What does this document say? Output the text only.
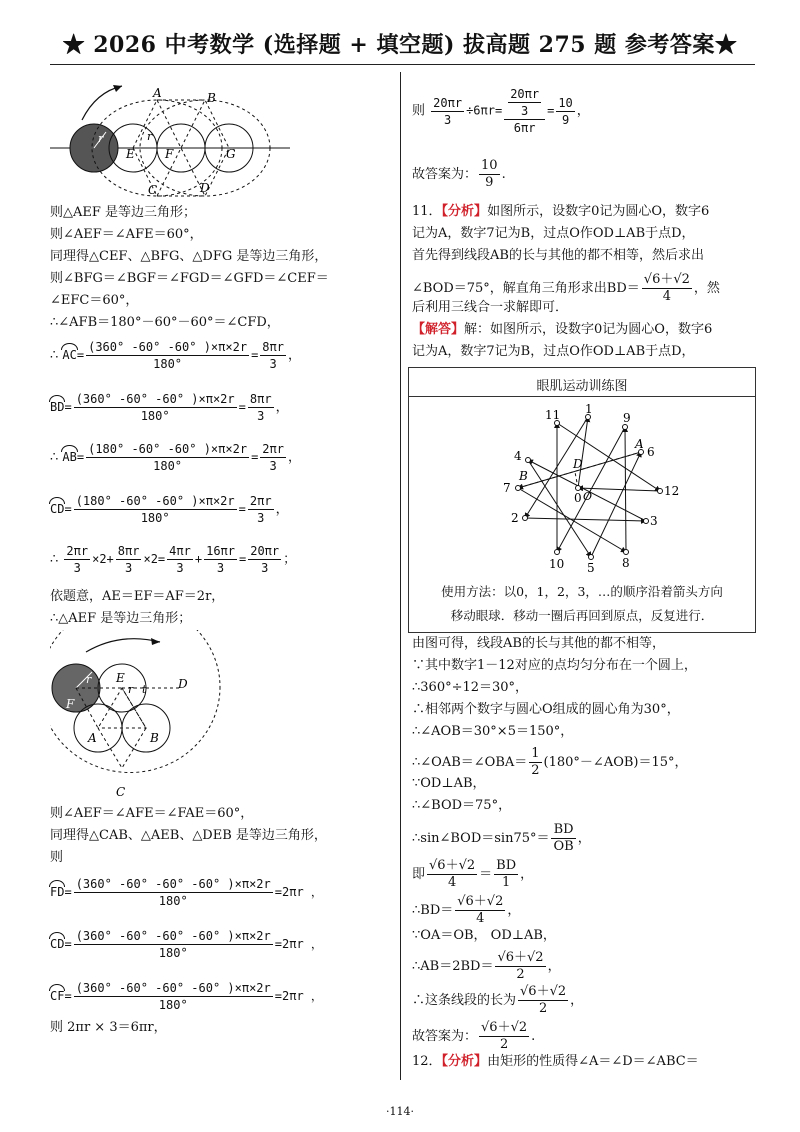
★ 2026 中考数学 (选择题 + 填空题) 拔高题 275 题 参考答案★
r
A	B
r
E	F	G
C	D
则△AEF 是等边三角形；
则∠AEF＝∠AFE＝60°，
同理得△CEF、△BFG、△DFG 是等边三角形，
则∠BFG＝∠BGF＝∠FGD＝∠GFD＝∠CEF＝
∠EFC＝60°，
∴∠AFB＝180°－60°－60°＝∠CFD，
∴ $AC= \frac{(360^\circ -60^\circ -60^\circ )\times\pi\times 2r}{180^\circ} = \frac{8\pi r}{3}$ ，
$BD= \frac{(360^\circ -60^\circ -60^\circ )\times\pi\times 2r}{180^\circ} = \frac{8\pi r}{3}$ ，
∴ $AB= \frac{(180^\circ -60^\circ -60^\circ )\times\pi\times 2r}{180^\circ} = \frac{2\pi r}{3}$ ，
$CD= \frac{(180^\circ -60^\circ -60^\circ )\times\pi\times 2r}{180^\circ} = \frac{2\pi r}{3}$ ，
∴ $\frac{2\pi r}{3} \times 2+ \frac{8\pi r}{3} \times 2= \frac{4\pi r}{3} + \frac{16\pi r}{3} = \frac{20\pi r}{3}$ ；
依题意，AE＝EF＝AF＝2r，
∴△AEF 是等边三角形；
E
r t	D
r
F
A	B
C
则∠AEF＝∠AFE＝∠FAE＝60°，
同理得△CAB、△AEB、△DEB 是等边三角形，
则
$FD= \frac{(360^\circ -60^\circ -60^\circ -60^\circ )\times\pi\times 2r}{180^\circ} =2\pi r$ ，
$CD= \frac{(360^\circ -60^\circ -60^\circ -60^\circ )\times\pi\times 2r}{180^\circ} =2\pi r$ ，
$CF= \frac{(360^\circ -60^\circ -60^\circ -60^\circ )\times\pi\times 2r}{180^\circ} =2\pi r$ ，
则 2πr × 3＝6πr，
则 $\frac{20\pi r}{3} \div 6\pi r= \frac{\frac{20\pi r}{3}}{6\pi r} = \frac{10}{9}$ ，
故答案为： $\frac{10}{9}$ .
11．【分析】如图所示，设数字0记为圆心O，数字6
记为A，数字7记为B，过点O作OD⊥AB于点D，
首先得到线段AB的长与其他的都不相等，然后求出
∠BOD＝75°，解直角三角形求出$BD= \frac{√6+√2}{4}$ ，然
后利用三线合一求解即可．
【解答】解：如图所示，设数字0记为圆心O，数字6
记为A，数字7记为B，过点O作OD⊥AB于点D，
眼肌运动训练图
1
2	3
4
5
6
7
8
9
10
11
12
0
A
B
D
O
使用方法：以0，1，2，3，…的顺序沿着箭头方向
移动眼球．移动一圈后再回到原点，反复进行．
由图可得，线段AB的长与其他的都不相等，
∵其中数字1－12对应的点均匀分布在一个圆上，
∴360°÷12＝30°，
∴相邻两个数字与圆心O组成的圆心角为30°，
∴∠AOB＝30°×5＝150°，
∴∠OAB＝∠OBA＝ $\frac{1}{2}$ (180°－∠AOB)＝15°，
∵OD⊥AB，
∴∠BOD＝75°，
∴sin∠BOD＝sin75°＝ $\frac{BD}{OB}$ ，
即 $\frac{√6+√2}{4} = \frac{BD}{1}$ ，
∴BD＝ $\frac{√6+√2}{4}$ ，
∵OA＝OB， OD⊥AB，
∴AB＝2BD＝ $\frac{√6+√2}{2}$ ，
∴这条线段的长为 $\frac{√6+√2}{2}$ ，
故答案为： $\frac{√6+√2}{2}$ .
12．【分析】由矩形的性质得∠A＝∠D＝∠ABC＝
·114·
